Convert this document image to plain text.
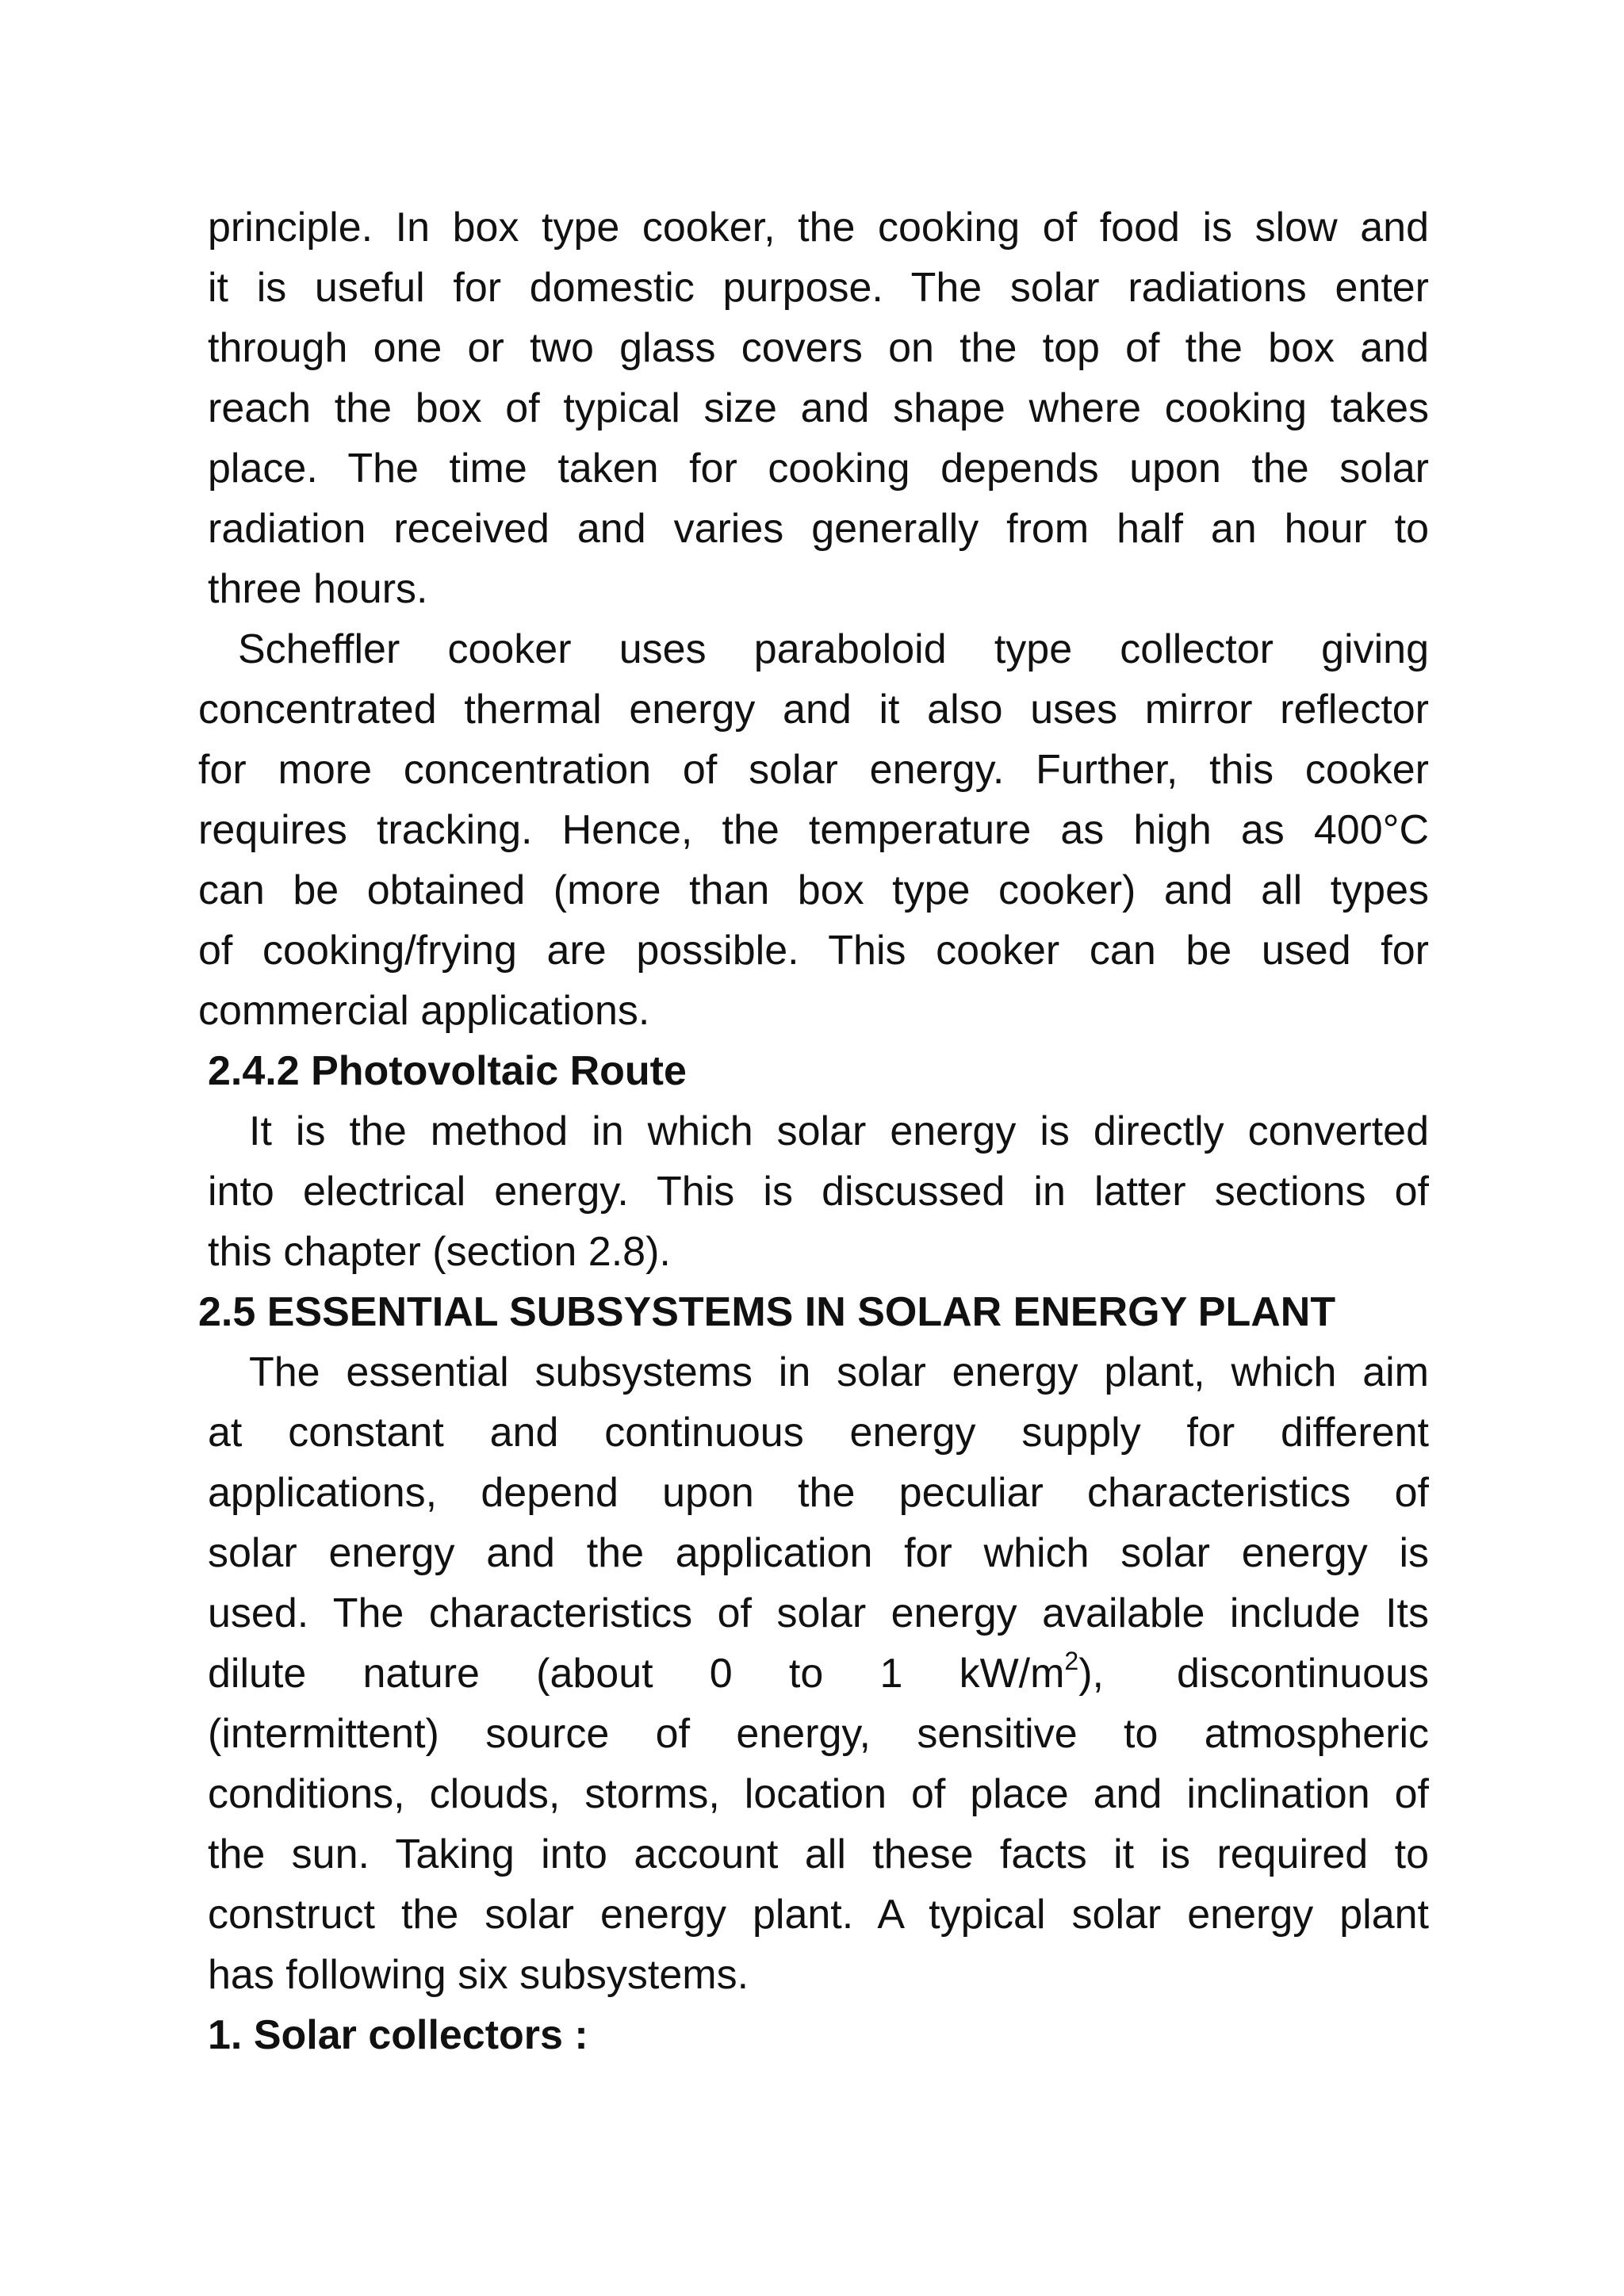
principle. In box type cooker, the cooking of food is slow and
it is useful for domestic purpose. The solar radiations enter
through one or two glass covers on the top of the box and
reach the box of typical size and shape where cooking takes
place. The time taken for cooking depends upon the solar
radiation received and varies generally from half an hour to
three hours.
Scheffler cooker uses paraboloid type collector giving
concentrated thermal energy and it also uses mirror reflector
for more concentration of solar energy. Further, this cooker
requires tracking. Hence, the temperature as high as 400°C
can be obtained (more than box type cooker) and all types
of cooking/frying are possible. This cooker can be used for
commercial applications.
2.4.2 Photovoltaic Route
It is the method in which solar energy is directly converted
into electrical energy. This is discussed in latter sections of
this chapter (section 2.8).
2.5 ESSENTIAL SUBSYSTEMS IN SOLAR ENERGY PLANT
The essential subsystems in solar energy plant, which aim
at constant and continuous energy supply for different
applications, depend upon the peculiar characteristics of
solar energy and the application for which solar energy is
used. The characteristics of solar energy available include Its
dilute nature (about 0 to 1 $kW/m^2$), discontinuous
(intermittent) source of energy, sensitive to atmospheric
conditions, clouds, storms, location of place and inclination of
the sun. Taking into account all these facts it is required to
construct the solar energy plant. A typical solar energy plant
has following six subsystems.
1. Solar collectors :
